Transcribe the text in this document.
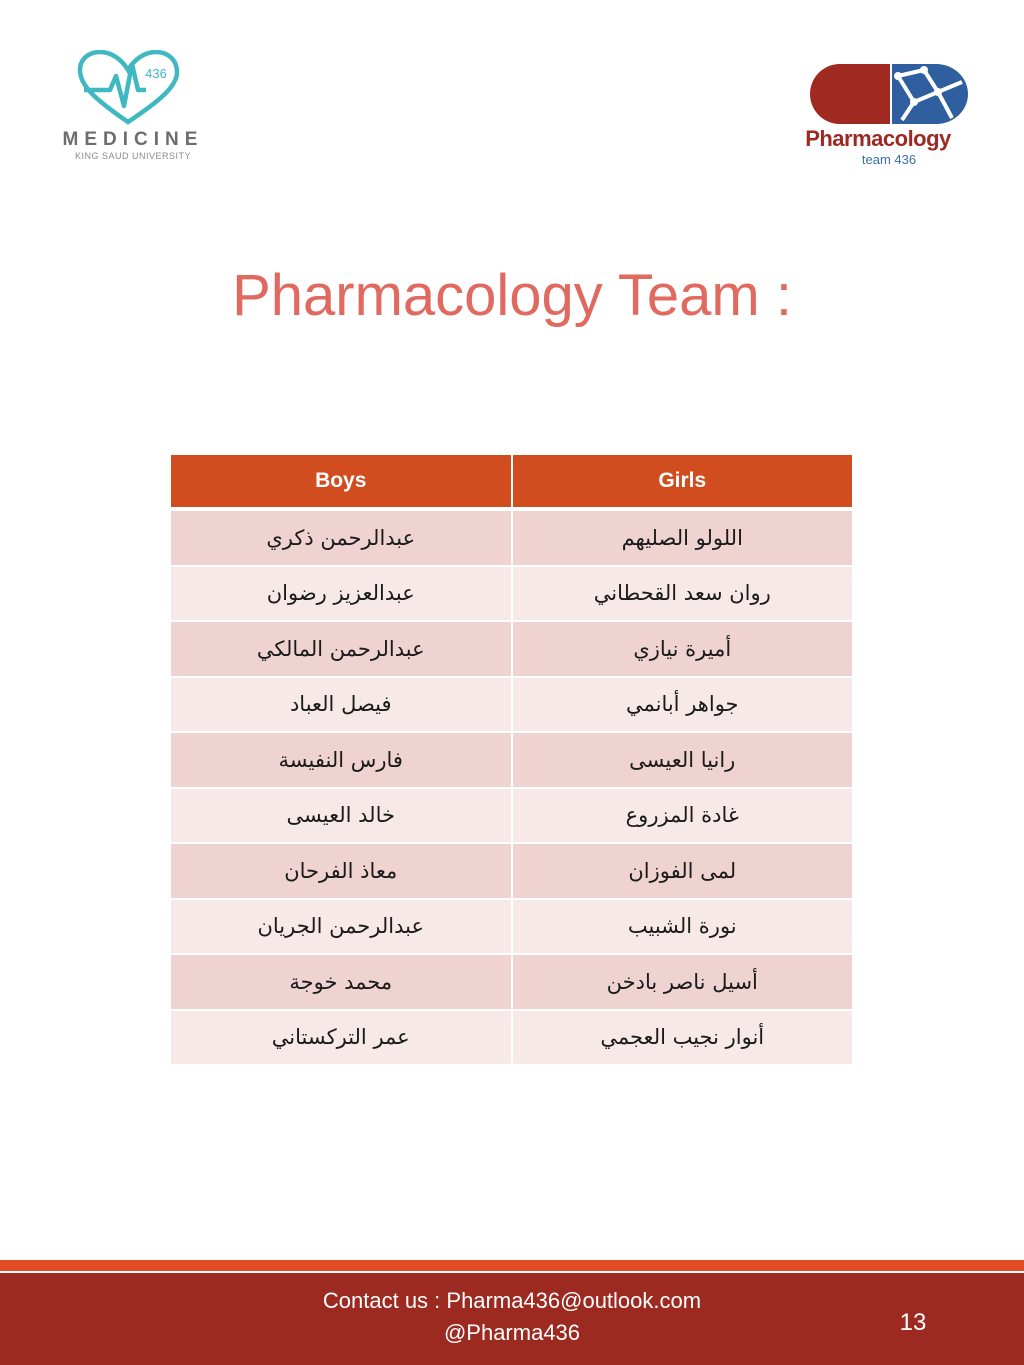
436
MEDICINE
KING SAUD UNIVERSITY
Pharmacology
team 436
Pharmacology Team :
Boys	Girls
عبدالرحمن ذكري	اللولو الصليهم
عبدالعزيز رضوان	روان سعد القحطاني
عبدالرحمن المالكي	أميرة نيازي
فيصل العباد	جواهر أبانمي
فارس النفيسة	رانيا العيسى
خالد العيسى	غادة المزروع
معاذ الفرحان	لمى الفوزان
عبدالرحمن الجريان	نورة الشبيب
محمد خوجة	أسيل ناصر بادخن
عمر التركستاني	أنوار نجيب العجمي
Contact us : Pharma436@outlook.com
@Pharma436	13
